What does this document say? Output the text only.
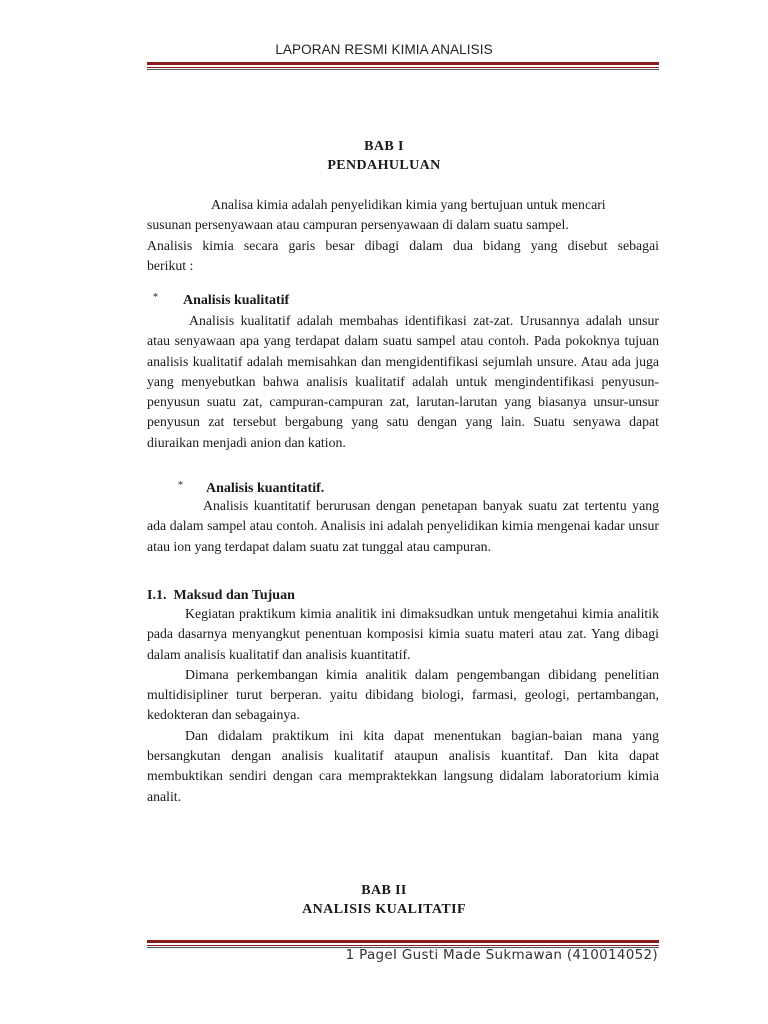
LAPORAN RESMI KIMIA ANALISIS
BAB I
PENDAHULUAN
Analisa kimia adalah penyelidikan kimia yang bertujuan untuk mencari
susunan persenyawaan atau campuran persenyawaan di dalam suatu sampel.
Analisis kimia secara garis besar dibagi dalam dua bidang yang disebut sebagai
berikut :
* Analisis kualitatif

Analisis kualitatif adalah membahas identifikasi zat-zat. Urusannya adalah unsur atau senyawaan apa yang terdapat dalam suatu sampel atau contoh. Pada pokoknya tujuan analisis kualitatif adalah memisahkan dan mengidentifikasi sejumlah unsure. Atau ada juga yang menyebutkan bahwa analisis kualitatif adalah untuk mengindentifikasi penyusun-penyusun suatu zat, campuran-campuran zat, larutan-larutan yang biasanya unsur-unsur penyusun zat tersebut bergabung yang satu dengan yang lain. Suatu senyawa dapat diuraikan menjadi anion dan kation.

* Analisis kuantitatif.

Analisis kuantitatif berurusan dengan penetapan banyak suatu zat tertentu yang ada dalam sampel atau contoh. Analisis ini adalah penyelidikan kimia mengenai kadar unsur atau ion yang terdapat dalam suatu zat tunggal atau campuran.

I.1.  Maksud dan Tujuan

Kegiatan praktikum kimia analitik ini dimaksudkan untuk mengetahui kimia analitik pada dasarnya menyangkut penentuan komposisi kimia suatu materi atau zat. Yang dibagi dalam analisis kualitatif dan analisis kuantitatif.

Dimana perkembangan kimia analitik dalam pengembangan dibidang penelitian multidisipliner turut berperan. yaitu dibidang biologi, farmasi, geologi, pertambangan, kedokteran dan sebagainya.

Dan didalam praktikum ini kita dapat menentukan bagian-baian mana yang bersangkutan dengan analisis kualitatif ataupun analisis kuantitaf. Dan kita dapat membuktikan sendiri dengan cara mempraktekkan langsung didalam laboratorium kimia analit.

BAB II
ANALISIS KUALITATIF
1 PageI Gusti Made Sukmawan (410014052)
